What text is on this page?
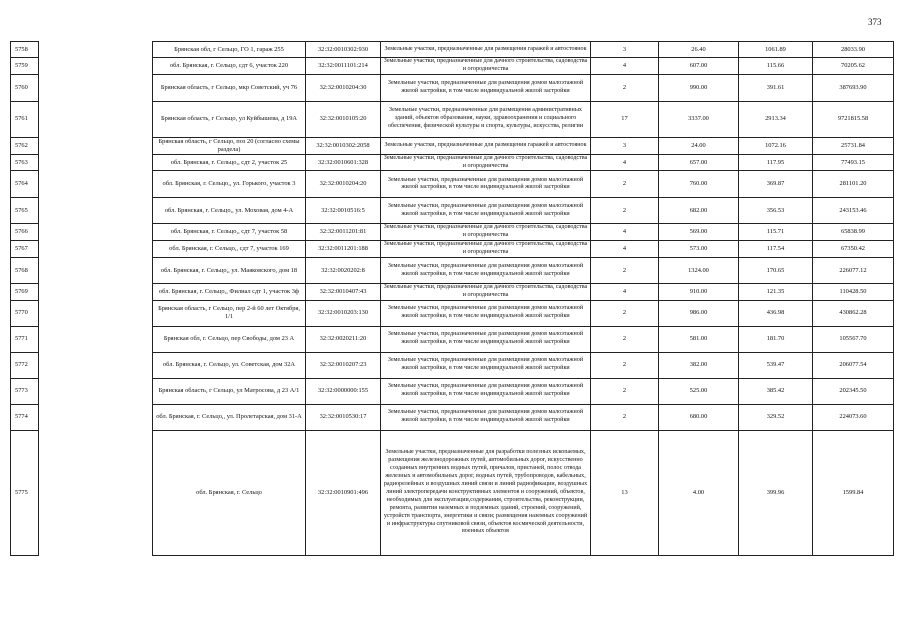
373
5758		Брянская обл, г Сельцо, ГО 1, гараж 255	32:32:0010302:930	Земельные участки, предназначенные для размещения гаражей и автостоянок	3	26.40	1061.89	28033.90
5759		обл. Брянская, г. Сельцо, сдт 6, участок 220	32:32:0011101:214	Земельные участки, предназначенные для дачного строительства, садоводства и огородничества	4	607.00	115.66	70205.62
5760		Брянская область, г Сельцо, мкр Советский, уч 76	32:32:0010204:30	Земельные участки, предназначенные для размещения домов малоэтажной жилой застройки, в том числе индивидуальной жилой застройки	2	990.00	391.61	387693.90
5761		Брянская область, г Сельцо, ул Куйбышева, д 19А	32:32:0010105:20	Земельные участки, предназначенные для размещения административных зданий, объектов образования, науки, здравоохранения и социального обеспечения, физической культуры и спорта, культуры, искусства, религии	17	3337.00	2913.34	9721815.58
5762		Брянская область, г Сельцо, поз 20 (согласно схемы раздела)	32:32:0010302:2058	Земельные участки, предназначенные для размещения гаражей и автостоянок	3	24.00	1072.16	25731.84
5763		обл. Брянская, г. Сельцо,, сдт 2, участок 25	32:32:0010601:328	Земельные участки, предназначенные для дачного строительства, садоводства и огородничества	4	657.00	117.95	77493.15
5764		обл. Брянская, г. Сельцо,, ул. Горького, участок 3	32:32:0010204:20	Земельные участки, предназначенные для размещения домов малоэтажной жилой застройки, в том числе индивидуальной жилой застройки	2	760.00	369.87	281101.20
5765		обл. Брянская, г. Сельцо,, ул. Моховая, дом 4-А	32:32:0010516:5	Земельные участки, предназначенные для размещения домов малоэтажной жилой застройки, в том числе индивидуальной жилой застройки	2	682.00	356.53	243153.46
5766		обл. Брянская, г. Сельцо,, сдт 7, участок 58	32:32:0011201:81	Земельные участки, предназначенные для дачного строительства, садоводства и огородничества	4	569.00	115.71	65838.99
5767		обл. Брянская, г. Сельцо,, сдт 7, участок 169	32:32:0011201:188	Земельные участки, предназначенные для дачного строительства, садоводства и огородничества	4	573.00	117.54	67350.42
5768		обл. Брянская, г. Сельцо,, ул. Маяковского, дом 18	32:32:0020202:8	Земельные участки, предназначенные для размещения домов малоэтажной жилой застройки, в том числе индивидуальной жилой застройки	2	1324.00	170.65	226077.12
5769		обл. Брянская, г. Сельцо,, Филиал сдт 1, участок 3ф	32:32:0010407:43	Земельные участки, предназначенные для дачного строительства, садоводства и огородничества	4	910.00	121.35	110428.50
5770		Брянская область, г Сельцо, пер 2-й 60 лет Октября, 1/1	32:32:0010203:130	Земельные участки, предназначенные для размещения домов малоэтажной жилой застройки, в том числе индивидуальной жилой застройки	2	986.00	436.98	430862.28
5771		Брянская обл, г. Сельцо, пер Свободы, дом 23 А	32:32:0020211:20	Земельные участки, предназначенные для размещения домов малоэтажной жилой застройки, в том числе индивидуальной жилой застройки	2	581.00	181.70	105567.70
5772		обл. Брянская, г. Сельцо, ул. Советская, дом 32А	32:32:0010207:23	Земельные участки, предназначенные для размещения домов малоэтажной жилой застройки, в том числе индивидуальной жилой застройки	2	382.00	539.47	206077.54
5773		Брянская область, г Сельцо, ул Матросова, д 23 А/1	32:32:0000000:155	Земельные участки, предназначенные для размещения домов малоэтажной жилой застройки, в том числе индивидуальной жилой застройки	2	525.00	385.42	202345.50
5774		обл. Брянская, г. Сельцо,, ул. Пролетарская, дом 31-А	32:32:0010530:17	Земельные участки, предназначенные для размещения домов малоэтажной жилой застройки, в том числе индивидуальной жилой застройки	2	680.00	329.52	224073.60
5775		обл. Брянская, г. Сельцо	32:32:0010901:496	Земельные участки, предназначенные для разработки полезных ископаемых, размещения железнодорожных путей, автомобильных дорог, искусственно созданных внутренних водных путей, причалов, пристаней, полос отвода железных и автомобильных дорог, водных путей, трубопроводов, кабельных, радиорелейных и воздушных линий связи и линий радиофикации, воздушных линий электропередачи конструктивных элементов и сооружений, объектов, необходимых для эксплуатации,содержания, строительства, реконструкции, ремонта, развития наземных и подземных зданий, строений, сооружений, устройств транспорта, энергетики и связи; размещения наземных сооружений и инфраструктуры спутниковой связи, объектов космической деятельности, военных объектов	13	4.00	399.96	1599.84
